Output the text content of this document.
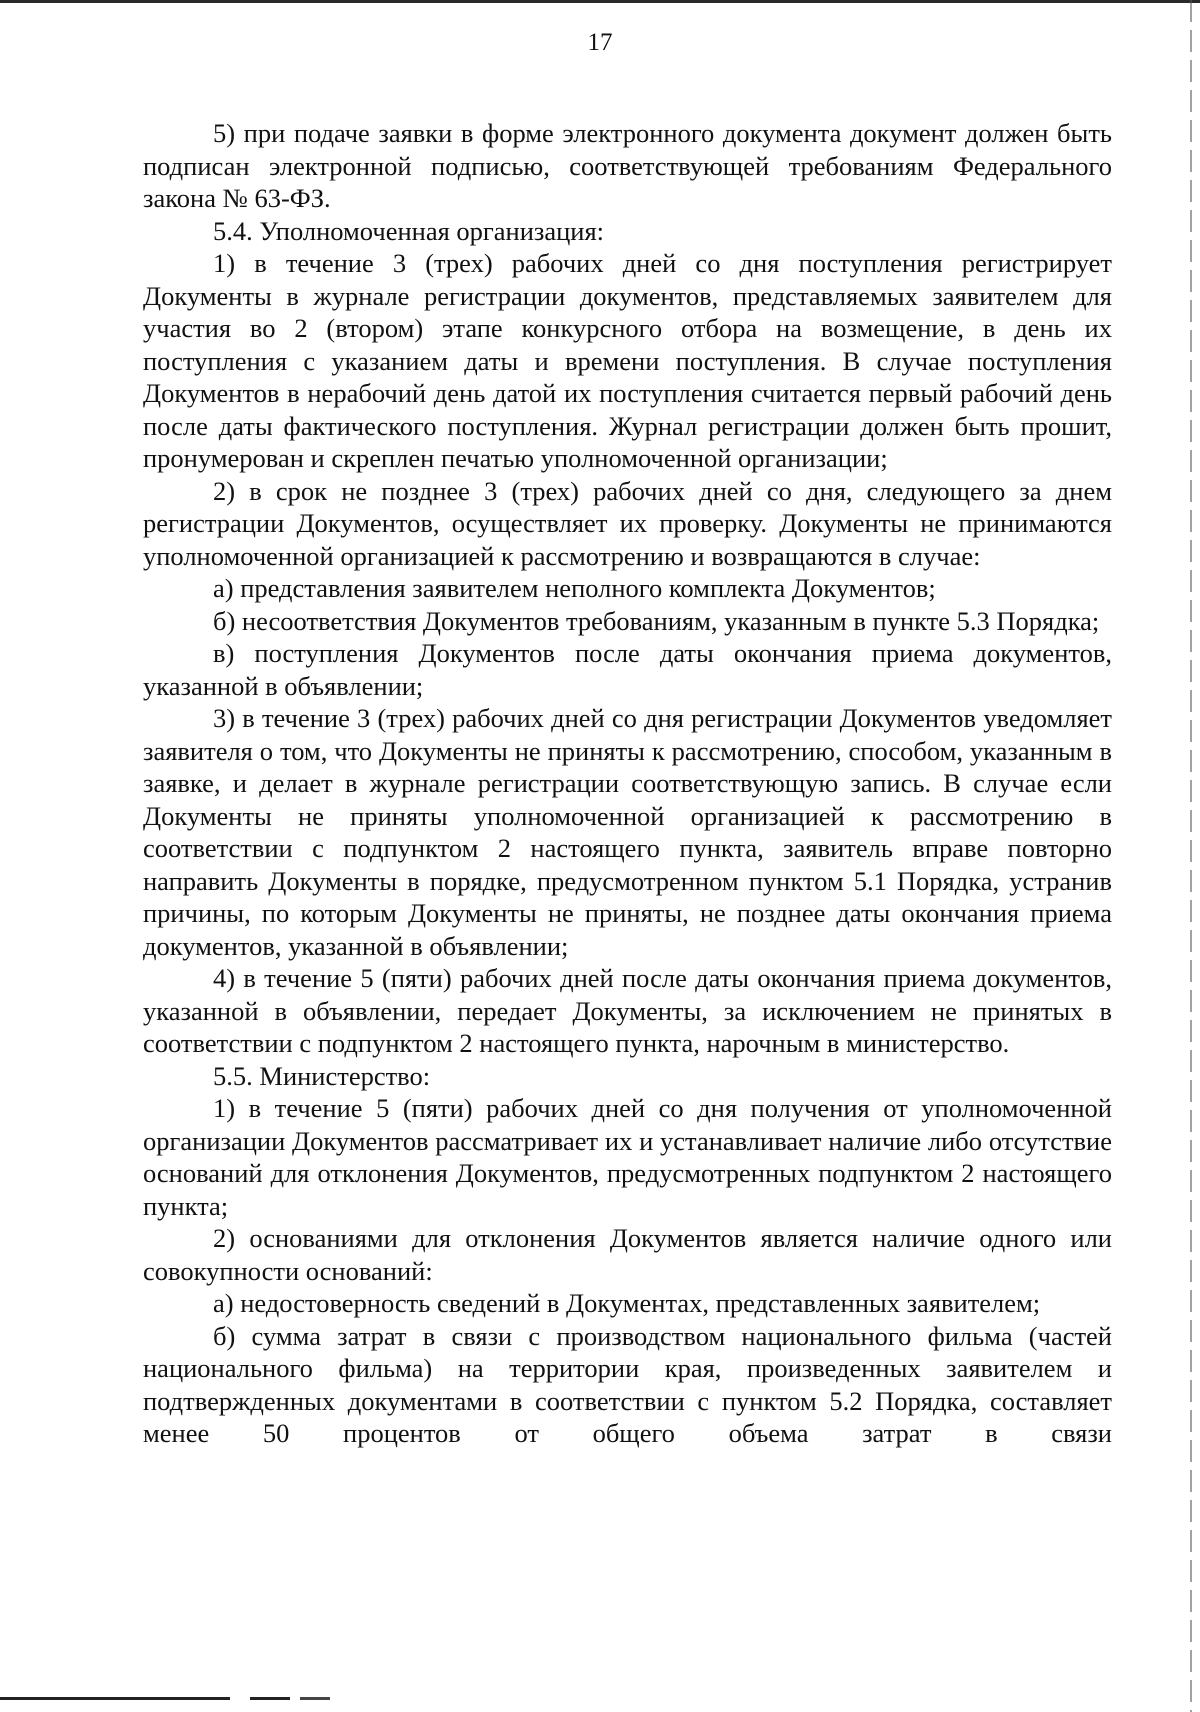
17

5) при подаче заявки в форме электронного документа документ должен быть подписан электронной подписью, соответствующей требованиям Федерального закона № 63-ФЗ.

5.4. Уполномоченная организация:

1) в течение 3 (трех) рабочих дней со дня поступления регистрирует Документы в журнале регистрации документов, представляемых заявителем для участия во 2 (втором) этапе конкурсного отбора на возмещение, в день их поступления с указанием даты и времени поступления. В случае поступления Документов в нерабочий день датой их поступления считается первый рабочий день после даты фактического поступления. Журнал регистрации должен быть прошит, пронумерован и скреплен печатью уполномоченной организации;

2) в срок не позднее 3 (трех) рабочих дней со дня, следующего за днем регистрации Документов, осуществляет их проверку. Документы не принимаются уполномоченной организацией к рассмотрению и возвращаются в случае:

а) представления заявителем неполного комплекта Документов;

б) несоответствия Документов требованиям, указанным в пункте 5.3 Порядка;

в) поступления Документов после даты окончания приема документов, указанной в объявлении;

3) в течение 3 (трех) рабочих дней со дня регистрации Документов уведомляет заявителя о том, что Документы не приняты к рассмотрению, способом, указанным в заявке, и делает в журнале регистрации соответствующую запись. В случае если Документы не приняты уполномоченной организацией к рассмотрению в соответствии с подпунктом 2 настоящего пункта, заявитель вправе повторно направить Документы в порядке, предусмотренном пунктом 5.1 Порядка, устранив причины, по которым Документы не приняты, не позднее даты окончания приема документов, указанной в объявлении;

4) в течение 5 (пяти) рабочих дней после даты окончания приема документов, указанной в объявлении, передает Документы, за исключением не принятых в соответствии с подпунктом 2 настоящего пункта, нарочным в министерство.

5.5. Министерство:

1) в течение 5 (пяти) рабочих дней со дня получения от уполномоченной организации Документов рассматривает их и устанавливает наличие либо отсутствие оснований для отклонения Документов, предусмотренных подпунктом 2 настоящего пункта;

2) основаниями для отклонения Документов является наличие одного или совокупности оснований:

а) недостоверность сведений в Документах, представленных заявителем;

б) сумма затрат в связи с производством национального фильма (частей национального фильма) на территории края, произведенных заявителем и подтвержденных документами в соответствии с пунктом 5.2 Порядка, составляет менее 50 процентов от общего объема затрат в связи
